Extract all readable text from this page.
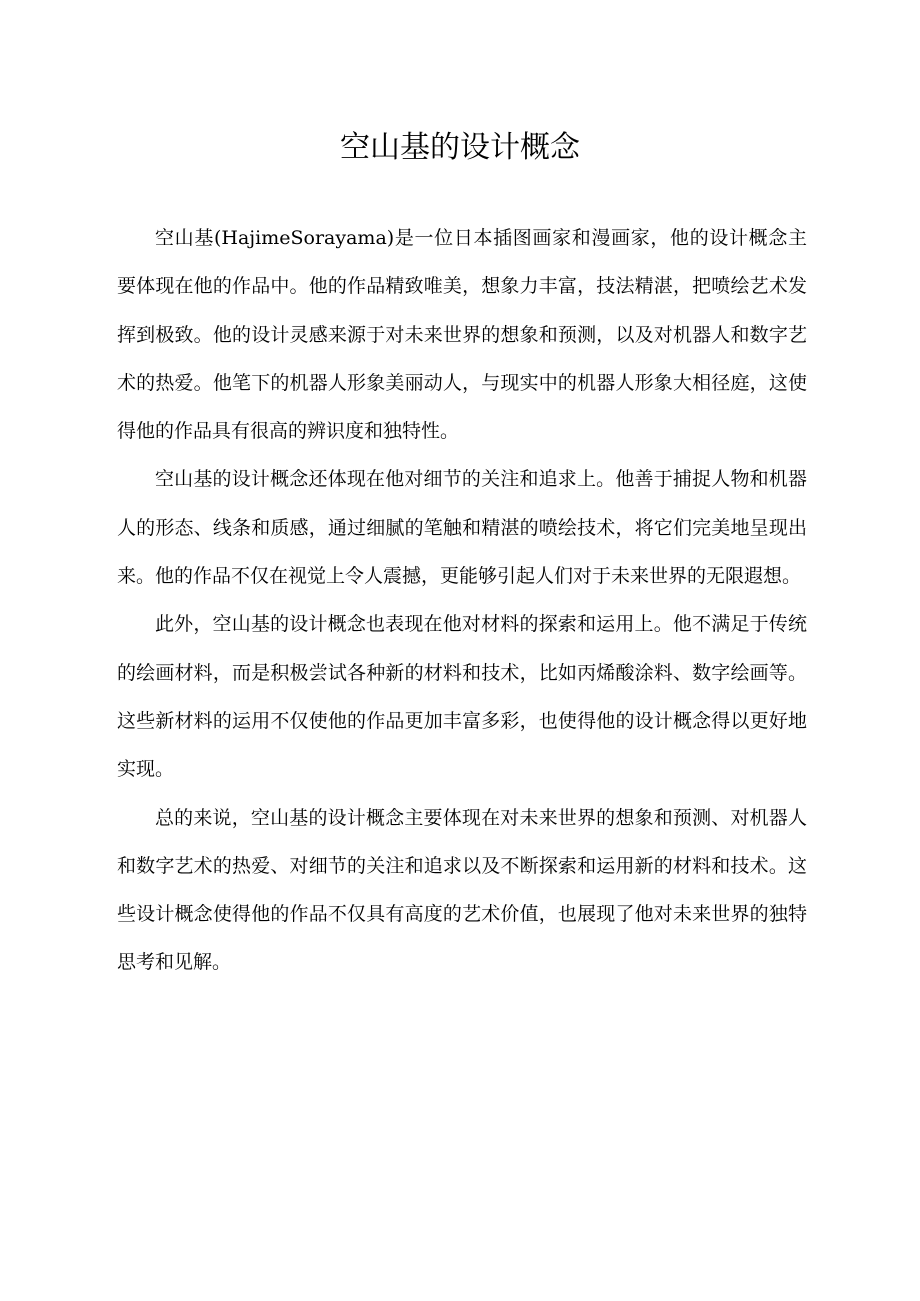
空山基的设计概念

空山基(HajimeSorayama)是一位日本插图画家和漫画家，他的设计概念主要体现在他的作品中。他的作品精致唯美，想象力丰富，技法精湛，把喷绘艺术发挥到极致。他的设计灵感来源于对未来世界的想象和预测，以及对机器人和数字艺术的热爱。他笔下的机器人形象美丽动人，与现实中的机器人形象大相径庭，这使得他的作品具有很高的辨识度和独特性。

空山基的设计概念还体现在他对细节的关注和追求上。他善于捕捉人物和机器人的形态、线条和质感，通过细腻的笔触和精湛的喷绘技术，将它们完美地呈现出来。他的作品不仅在视觉上令人震撼，更能够引起人们对于未来世界的无限遐想。

此外，空山基的设计概念也表现在他对材料的探索和运用上。他不满足于传统的绘画材料，而是积极尝试各种新的材料和技术，比如丙烯酸涂料、数字绘画等。这些新材料的运用不仅使他的作品更加丰富多彩，也使得他的设计概念得以更好地实现。

总的来说，空山基的设计概念主要体现在对未来世界的想象和预测、对机器人和数字艺术的热爱、对细节的关注和追求以及不断探索和运用新的材料和技术。这些设计概念使得他的作品不仅具有高度的艺术价值，也展现了他对未来世界的独特思考和见解。
